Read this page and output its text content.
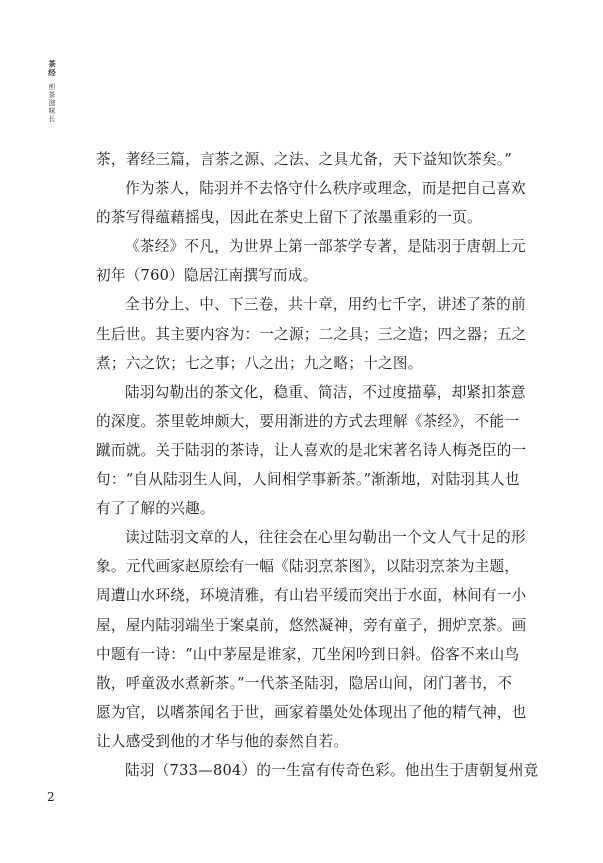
茶经
煎茶滋味长
茶，著经三篇，言茶之源、之法、之具尤备，天下益知饮茶矣。”
作为茶人，陆羽并不去恪守什么秩序或理念，而是把自己喜欢
的茶写得蕴藉摇曳，因此在茶史上留下了浓墨重彩的一页。
《茶经》不凡，为世界上第一部茶学专著，是陆羽于唐朝上元
初年（760）隐居江南撰写而成。
全书分上、中、下三卷，共十章，用约七千字，讲述了茶的前
生后世。其主要内容为：一之源；二之具；三之造；四之器；五之
煮；六之饮；七之事；八之出；九之略；十之图。
陆羽勾勒出的茶文化，稳重、简洁，不过度描摹，却紧扣茶意
的深度。茶里乾坤颇大，要用渐进的方式去理解《茶经》，不能一
蹴而就。关于陆羽的茶诗，让人喜欢的是北宋著名诗人梅尧臣的一
句：“自从陆羽生人间，人间相学事新茶。”渐渐地，对陆羽其人也
有了了解的兴趣。
读过陆羽文章的人，往往会在心里勾勒出一个文人气十足的形
象。元代画家赵原绘有一幅《陆羽烹茶图》，以陆羽烹茶为主题，
周遭山水环绕，环境清雅，有山岩平缓而突出于水面，林间有一小
屋，屋内陆羽端坐于案桌前，悠然凝神，旁有童子，拥炉烹茶。画
中题有一诗：“山中茅屋是谁家，兀坐闲吟到日斜。俗客不来山鸟
散，呼童汲水煮新茶。”一代茶圣陆羽，隐居山间，闭门著书，不
愿为官，以嗜茶闻名于世，画家着墨处处体现出了他的精气神，也
让人感受到他的才华与他的泰然自若。
陆羽（733—804）的一生富有传奇色彩。他出生于唐朝复州竟
2
